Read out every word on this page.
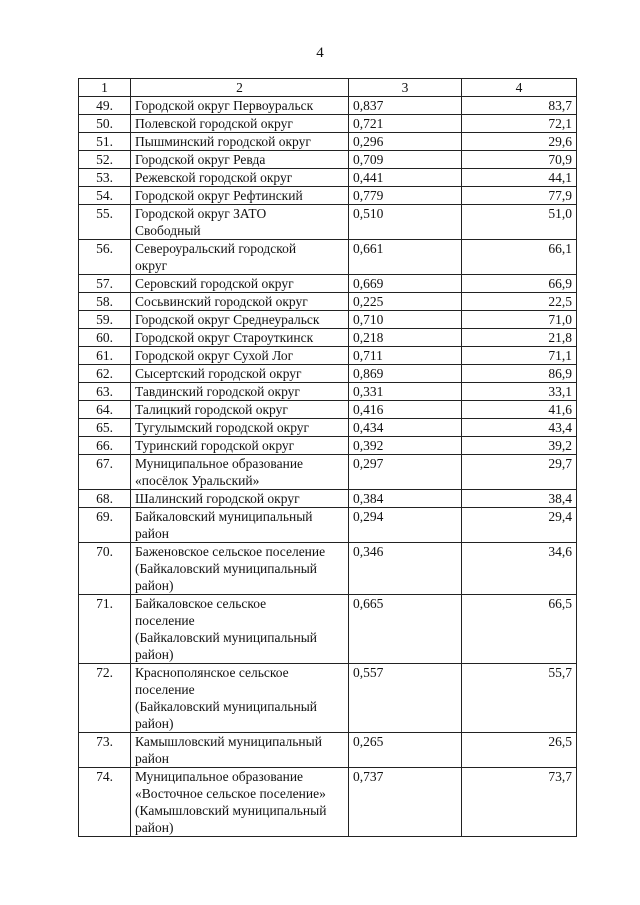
4
1	2	3	4
49.	Городской округ Первоуральск	0,837	83,7
50.	Полевской городской округ	0,721	72,1
51.	Пышминский городской округ	0,296	29,6
52.	Городской округ Ревда	0,709	70,9
53.	Режевской городской округ	0,441	44,1
54.	Городской округ Рефтинский	0,779	77,9
55.	Городской округ ЗАТО
Свободный	0,510	51,0
56.	Североуральский городской
округ	0,661	66,1
57.	Серовский городской округ	0,669	66,9
58.	Сосьвинский городской округ	0,225	22,5
59.	Городской округ Среднеуральск	0,710	71,0
60.	Городской округ Староуткинск	0,218	21,8
61.	Городской округ Сухой Лог	0,711	71,1
62.	Сысертский городской округ	0,869	86,9
63.	Тавдинский городской округ	0,331	33,1
64.	Талицкий городской округ	0,416	41,6
65.	Тугулымский городской округ	0,434	43,4
66.	Туринский городской округ	0,392	39,2
67.	Муниципальное образование
«посёлок Уральский»	0,297	29,7
68.	Шалинский городской округ	0,384	38,4
69.	Байкаловский муниципальный
район	0,294	29,4
70.	Баженовское сельское поселение
(Байкаловский муниципальный
район)	0,346	34,6
71.	Байкаловское сельское
поселение
(Байкаловский муниципальный
район)	0,665	66,5
72.	Краснополянское сельское
поселение
(Байкаловский муниципальный
район)	0,557	55,7
73.	Камышловский муниципальный
район	0,265	26,5
74.	Муниципальное образование
«Восточное сельское поселение»
(Камышловский муниципальный
район)	0,737	73,7
